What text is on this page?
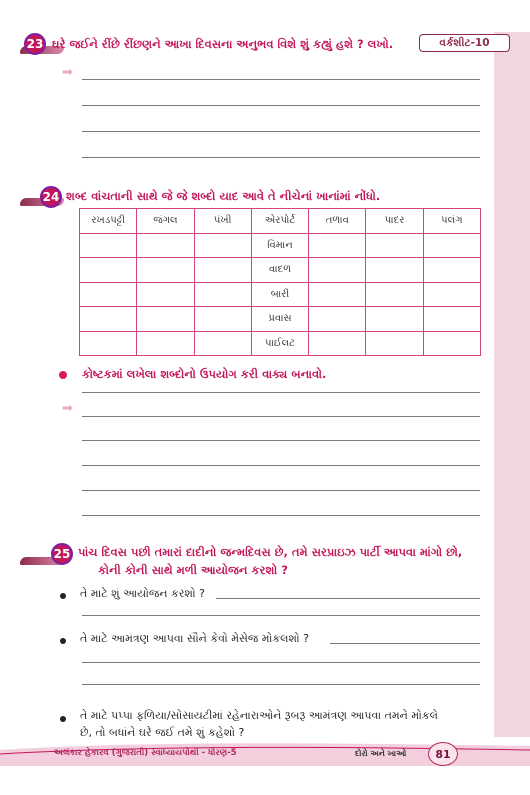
23 ઘરે જઈને રીંછે રીંછણને આખા દિવસના અનુભવ વિશે શું કહ્યું હશે ? લખો.	વર્કશીટ-10
➡
24 શબ્દ વાંચતાની સાથે જે જે શબ્દો યાદ આવે તે નીચેનાં ખાનાંમાં નોંધો.
રખડપટ્ટી	જંગલ	પંખી	એરપોર્ટ	તળાવ	પાદર	પલંગ
			વિમાન			
			વાદળ			
			બારી			
			પ્રવાસ			
			પાઈલટ			
કોષ્ટકમાં લખેલા શબ્દોનો ઉપયોગ કરી વાક્ય બનાવો.
➡
25 પાંચ દિવસ પછી તમારાં દાદીનો જન્મદિવસ છે, તમે સરપ્રાઇઝ પાર્ટી આપવા માંગો છો,
કોની કોની સાથે મળી આયોજન કરશો ?
તે માટે શું આયોજન કરશો ?
તે માટે આમંત્રણ આપવા સૌને કેવો મેસેજ મોકલશો ?
તે માટે પપ્પા ફળિયા/સોસાયટીમાં રહેનારાઓને રૂબરૂ આમંત્રણ આપવા તમને મોકલે
છે, તો બધાંને ઘરે જઈ તમે શું કહેશો ?
અલંકાર હેકારવ (ગુજરાતી) સ્વાધ્યાયપોથી - ધોરણ-5	દોરો અને ખાઓ	81
